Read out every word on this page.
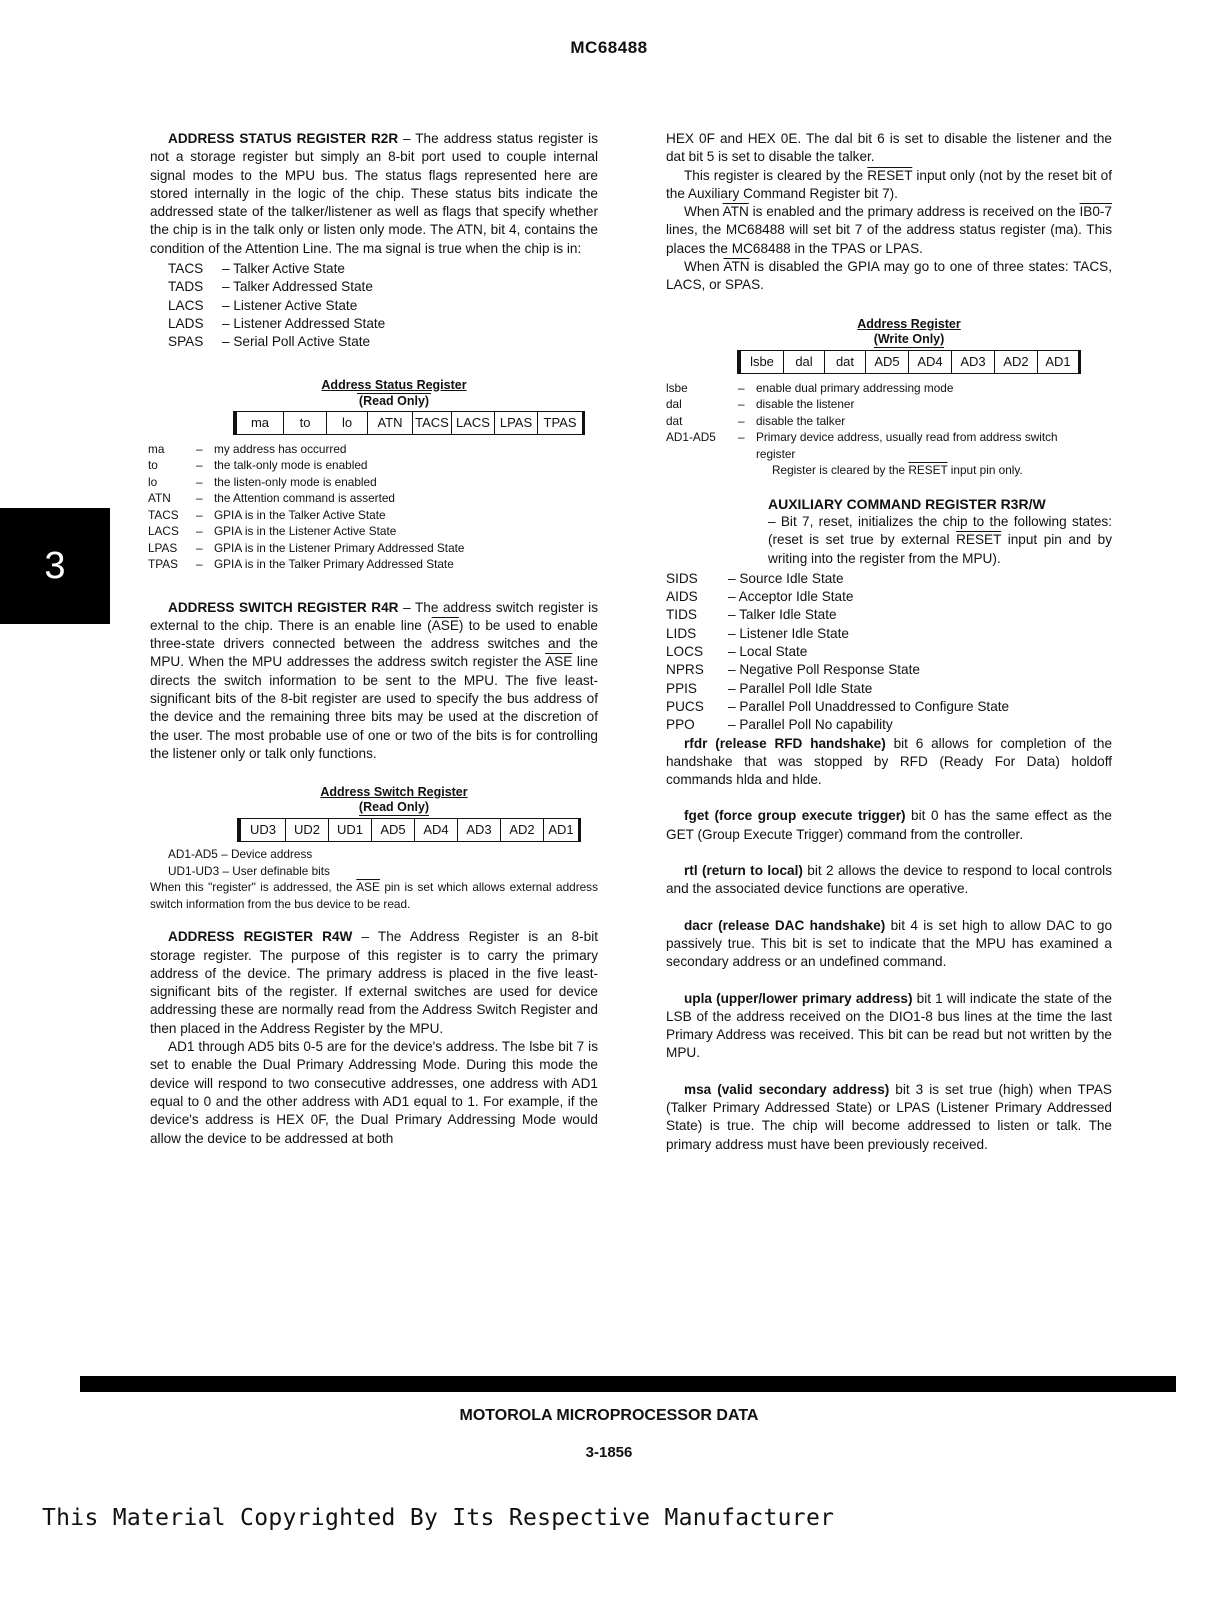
MC68488
3

ADDRESS STATUS REGISTER R2R – The address status register is not a storage register but simply an 8-bit port used to couple internal signal modes to the MPU bus. The status flags represented here are stored internally in the logic of the chip. These status bits indicate the addressed state of the talker/listener as well as flags that specify whether the chip is in the talk only or listen only mode. The ATN, bit 4, contains the condition of the Attention Line. The ma signal is true when the chip is in:

TACS	– Talker Active State
TADS	– Talker Addressed State
LACS	– Listener Active State
LADS	– Listener Addressed State
SPAS	– Serial Poll Active State
Address Status Register
(Read Only)
ma	to	lo	ATN TACS LACS LPAS TPAS
ma	– my address has occurred
to	– the talk-only mode is enabled
lo	– the listen-only mode is enabled
ATN	– the Attention command is asserted
TACS	– GPIA is in the Talker Active State
LACS	– GPIA is in the Listener Active State
LPAS	– GPIA is in the Listener Primary Addressed State
TPAS	– GPIA is in the Talker Primary Addressed State

ADDRESS SWITCH REGISTER R4R – The address switch register is external to the chip. There is an enable line $(\overline{ASE})$ to be used to enable three-state drivers connected between the address switches and the MPU. When the MPU addresses the address switch register the $\overline{ASE}$ line directs the switch information to be sent to the MPU. The five least-significant bits of the 8-bit register are used to specify the bus address of the device and the remaining three bits may be used at the discretion of the user. The most probable use of one or two of the bits is for controlling the listener only or talk only functions.

Address Switch Register
(Read Only)
UD3	UD2	UD1	AD5	AD4	AD3	AD2	AD1
AD1-AD5 – Device address
UD1-UD3 – User definable bits
When this "register" is addressed, the $\overline{ASE}$ pin is set which allows external address switch information from the bus device to be read.

ADDRESS REGISTER R4W – The Address Register is an 8-bit storage register. The purpose of this register is to carry the primary address of the device. The primary address is placed in the five least-significant bits of the register. If external switches are used for device addressing these are normally read from the Address Switch Register and then placed in the Address Register by the MPU.

AD1 through AD5 bits 0-5 are for the device's address. The lsbe bit 7 is set to enable the Dual Primary Addressing Mode. During this mode the device will respond to two consecutive addresses, one address with AD1 equal to 0 and the other address with AD1 equal to 1. For example, if the device's address is HEX 0F, the Dual Primary Addressing Mode would allow the device to be addressed at both

HEX 0F and HEX 0E. The dal bit 6 is set to disable the listener and the dat bit 5 is set to disable the talker.

This register is cleared by the RESET input only (not by the reset bit of the Auxiliary Command Register bit 7).

When $\overline{ATN}$ is enabled and the primary address is received on the IB0-7 lines, the MC68488 will set bit 7 of the address status register (ma). This places the MC68488 in the TPAS or LPAS.

When $\overline{ATN}$ is disabled the GPIA may go to one of three states: TACS, LACS, or SPAS.

Address Register
(Write Only)
lsbe	dal	dat	AD5	AD4	AD3	AD2	AD1
lsbe	– enable dual primary addressing mode
dal	– disable the listener
dat	– disable the talker
AD1-AD5	– Primary device address, usually read from address switch register
Register is cleared by the RESET input pin only.
AUXILIARY COMMAND REGISTER R3R/W

– Bit 7, reset, initializes the chip to the following states: (reset is set true by external RESET input pin and by writing into the register from the MPU).

SIDS	– Source Idle State
AIDS	– Acceptor Idle State
TIDS	– Talker Idle State
LIDS	– Listener Idle State
LOCS	– Local State
NPRS	– Negative Poll Response State
PPIS	– Parallel Poll Idle State
PUCS	– Parallel Poll Unaddressed to Configure State
PPO	– Parallel Poll No capability

rfdr (release RFD handshake) bit 6 allows for completion of the handshake that was stopped by RFD (Ready For Data) holdoff commands hlda and hlde.

fget (force group execute trigger) bit 0 has the same effect as the GET (Group Execute Trigger) command from the controller.

rtl (return to local) bit 2 allows the device to respond to local controls and the associated device functions are operative.

dacr (release DAC handshake) bit 4 is set high to allow DAC to go passively true. This bit is set to indicate that the MPU has examined a secondary address or an undefined command.

upla (upper/lower primary address) bit 1 will indicate the state of the LSB of the address received on the DIO1-8 bus lines at the time the last Primary Address was received. This bit can be read but not written by the MPU.

msa (valid secondary address) bit 3 is set true (high) when TPAS (Talker Primary Addressed State) or LPAS (Listener Primary Addressed State) is true. The chip will become addressed to listen or talk. The primary address must have been previously received.

MOTOROLA MICROPROCESSOR DATA
3-1856
This Material Copyrighted By Its Respective Manufacturer
